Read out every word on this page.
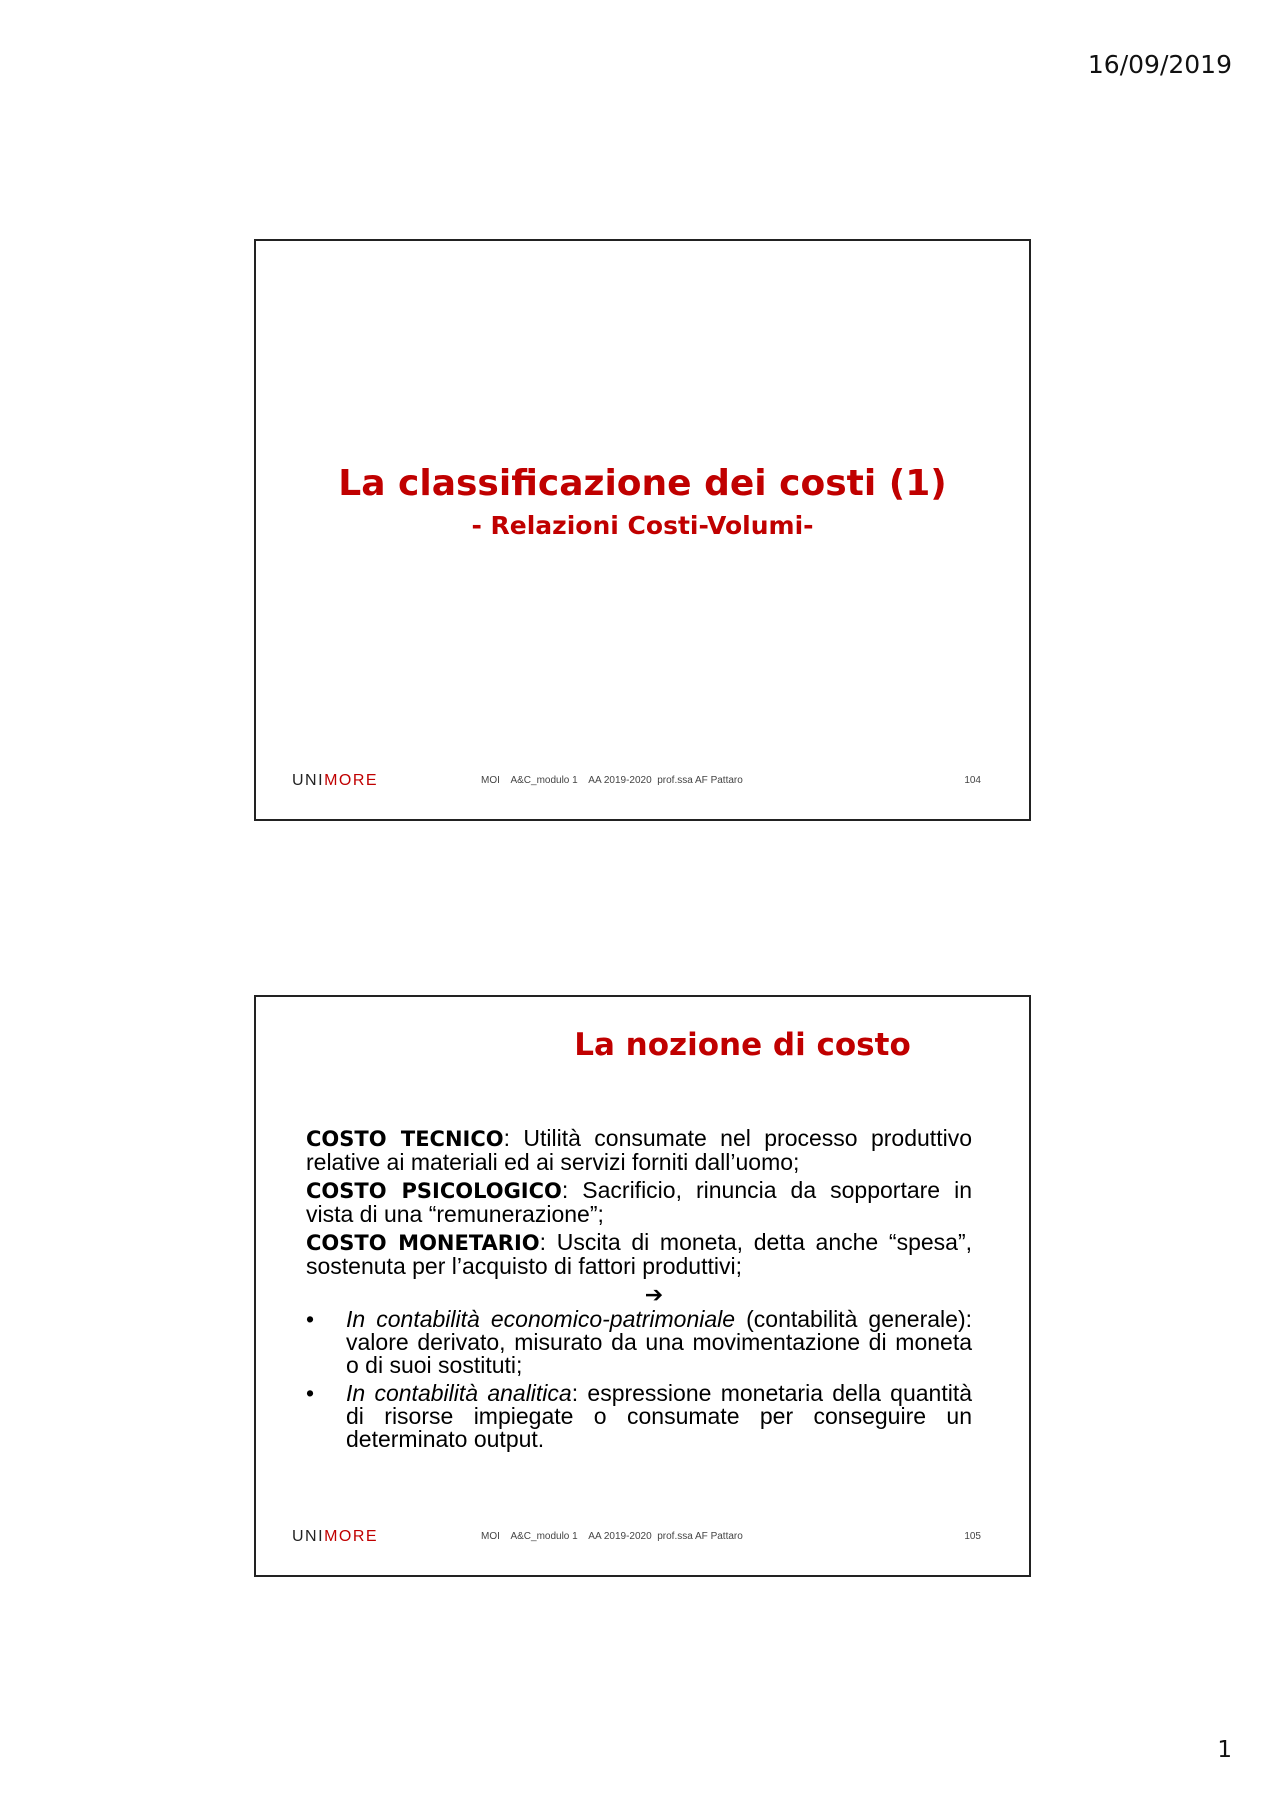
16/09/2019
La classificazione dei costi (1)
- Relazioni Costi-Volumi-
UNIMORE	MOI    A&C_modulo 1    AA 2019-2020  prof.ssa AF Pattaro	104
La nozione di costo

COSTO TECNICO: Utilità consumate nel processo produttivo relative ai materiali ed ai servizi forniti dall’uomo;

COSTO PSICOLOGICO: Sacrificio, rinuncia da sopportare in vista di una “remunerazione”;

COSTO MONETARIO: Uscita di moneta, detta anche “spesa”, sostenuta per l’acquisto di fattori produttivi;

➔
•	In contabilità economico-patrimoniale (contabilità generale): valore derivato, misurato da una movimentazione di moneta o di suoi sostituti;
•	In contabilità analitica: espressione monetaria della quantità di risorse impiegate o consumate per conseguire un determinato output.
UNIMORE	MOI    A&C_modulo 1    AA 2019-2020  prof.ssa AF Pattaro	105
1
